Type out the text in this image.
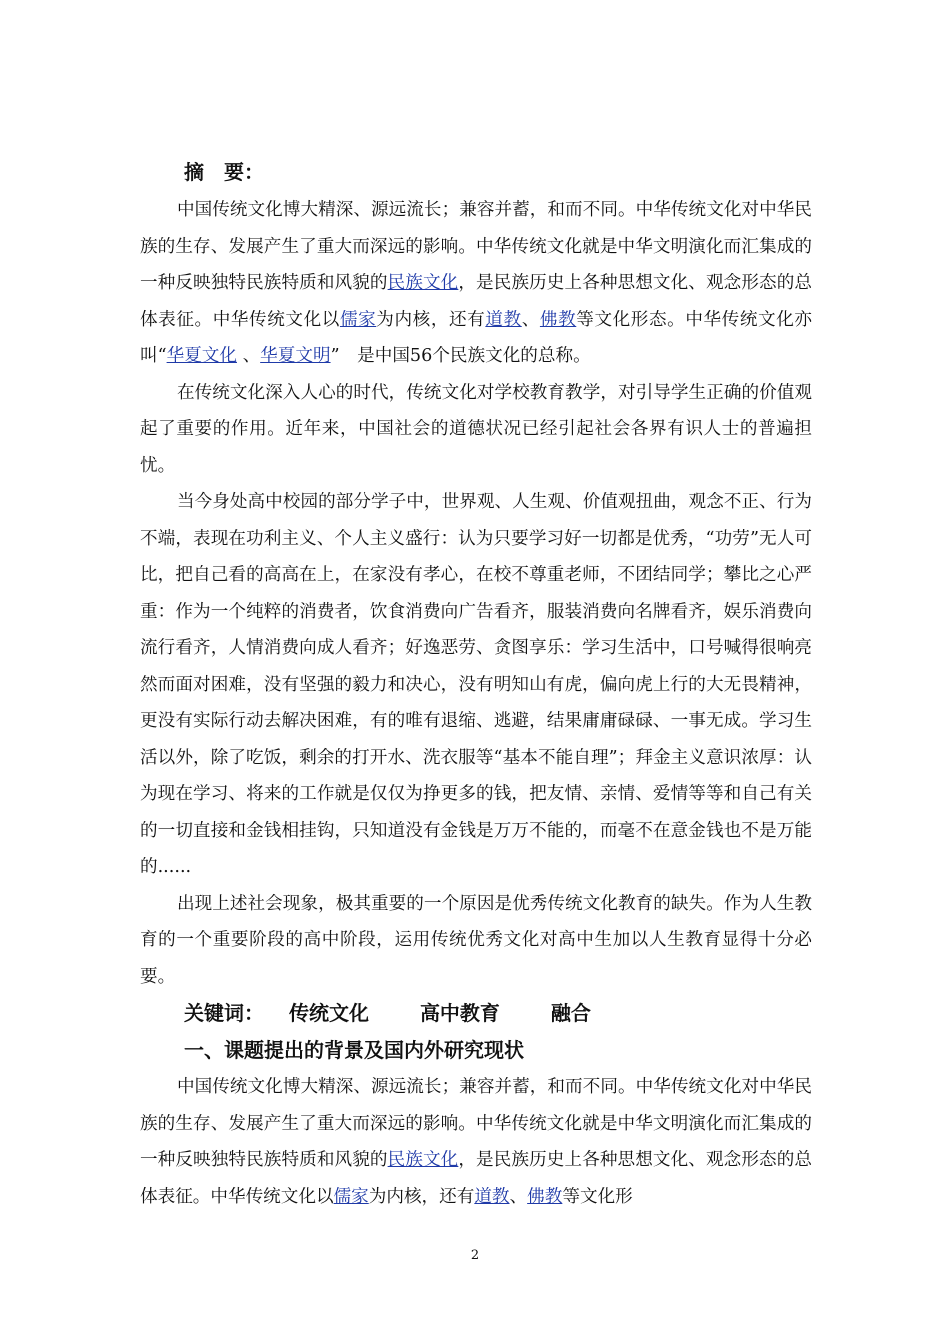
摘　要：

中国传统文化博大精深、源远流长；兼容并蓄，和而不同。中华传统文化对中华民族的生存、发展产生了重大而深远的影响。中华传统文化就是中华文明演化而汇集成的一种反映独特民族特质和风貌的民族文化，是民族历史上各种思想文化、观念形态的总体表征。中华传统文化以儒家为内核，还有道教、佛教等文化形态。中华传统文化亦叫“华夏文化 、华夏文明”　是中国56个民族文化的总称。

在传统文化深入人心的时代，传统文化对学校教育教学，对引导学生正确的价值观起了重要的作用。近年来，中国社会的道德状况已经引起社会各界有识人士的普遍担忧。

当今身处高中校园的部分学子中，世界观、人生观、价值观扭曲，观念不正、行为不端，表现在功利主义、个人主义盛行：认为只要学习好一切都是优秀，“功劳”无人可比，把自己看的高高在上，在家没有孝心，在校不尊重老师，不团结同学；攀比之心严重：作为一个纯粹的消费者，饮食消费向广告看齐，服装消费向名牌看齐，娱乐消费向流行看齐，人情消费向成人看齐；好逸恶劳、贪图享乐：学习生活中，口号喊得很响亮然而面对困难，没有坚强的毅力和决心，没有明知山有虎，偏向虎上行的大无畏精神，更没有实际行动去解决困难，有的唯有退缩、逃避，结果庸庸碌碌、一事无成。学习生活以外，除了吃饭，剩余的打开水、洗衣服等“基本不能自理”；拜金主义意识浓厚：认为现在学习、将来的工作就是仅仅为挣更多的钱，把友情、亲情、爱情等等和自己有关的一切直接和金钱相挂钩，只知道没有金钱是万万不能的，而毫不在意金钱也不是万能的......

出现上述社会现象，极其重要的一个原因是优秀传统文化教育的缺失。作为人生教育的一个重要阶段的高中阶段，运用传统优秀文化对高中生加以人生教育显得十分必要。

关键词： 传统文化	高中教育	融合
一、课题提出的背景及国内外研究现状

中国传统文化博大精深、源远流长；兼容并蓄，和而不同。中华传统文化对中华民族的生存、发展产生了重大而深远的影响。中华传统文化就是中华文明演化而汇集成的一种反映独特民族特质和风貌的民族文化，是民族历史上各种思想文化、观念形态的总体表征。中华传统文化以儒家为内核，还有道教、佛教等文化形

2
